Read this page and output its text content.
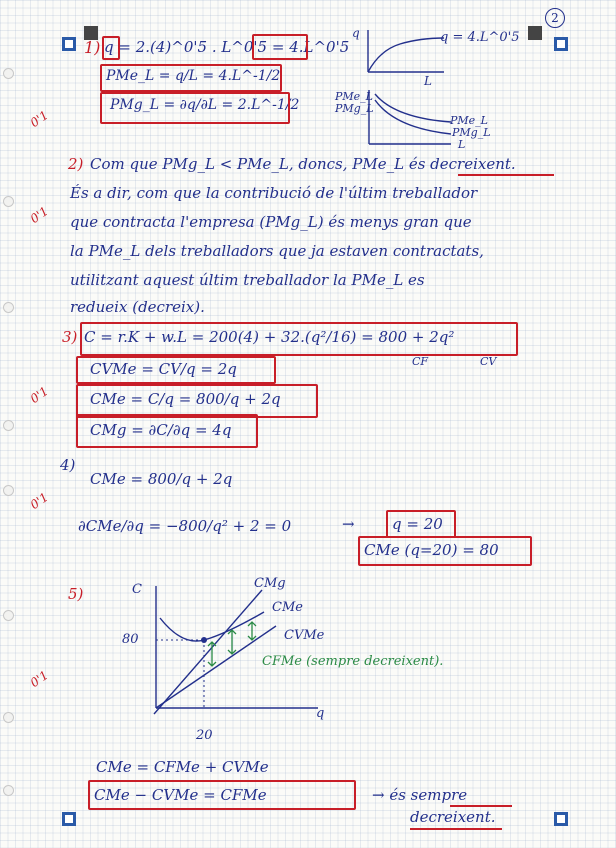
2
1) q = 2.(4)^0'5 . L^0'5 = 4.L^0'5
PMe_L = q/L = 4.L^-1/2
PMg_L = ∂q/∂L = 2.L^-1/2
0'1
q
L
q = 4.L^0'5
PMe_L
PMg_L
PMe_L
PMg_L
L
2) Com que PMg_L < PMe_L, doncs, PMe_L és decreixent.
És a dir, com que la contribució de l'últim treballador
que contracta l'empresa (PMg_L) és menys gran que
la PMe_L dels treballadors que ja estaven contractats,
utilitzant aquest últim treballador la PMe_L es
redueix (decreix).
0'1
3) C = r.K + w.L = 200(4) + 32.(q²/16) = 800 + 2q²
CF	CV
CVMe = CV/q = 2q
CMe = C/q = 800/q + 2q
CMg = ∂C/∂q = 4q
0'1
4)
CMe = 800/q + 2q
∂CMe/∂q = −800/q² + 2 = 0	→ q = 20
CMe (q=20) = 80
0'1
5)
0'1
C
80
20
q
CMg
CMe
CVMe
CFMe (sempre decreixent).
CMe = CFMe + CVMe
CMe − CVMe = CFMe	→ és sempre
decreixent.
